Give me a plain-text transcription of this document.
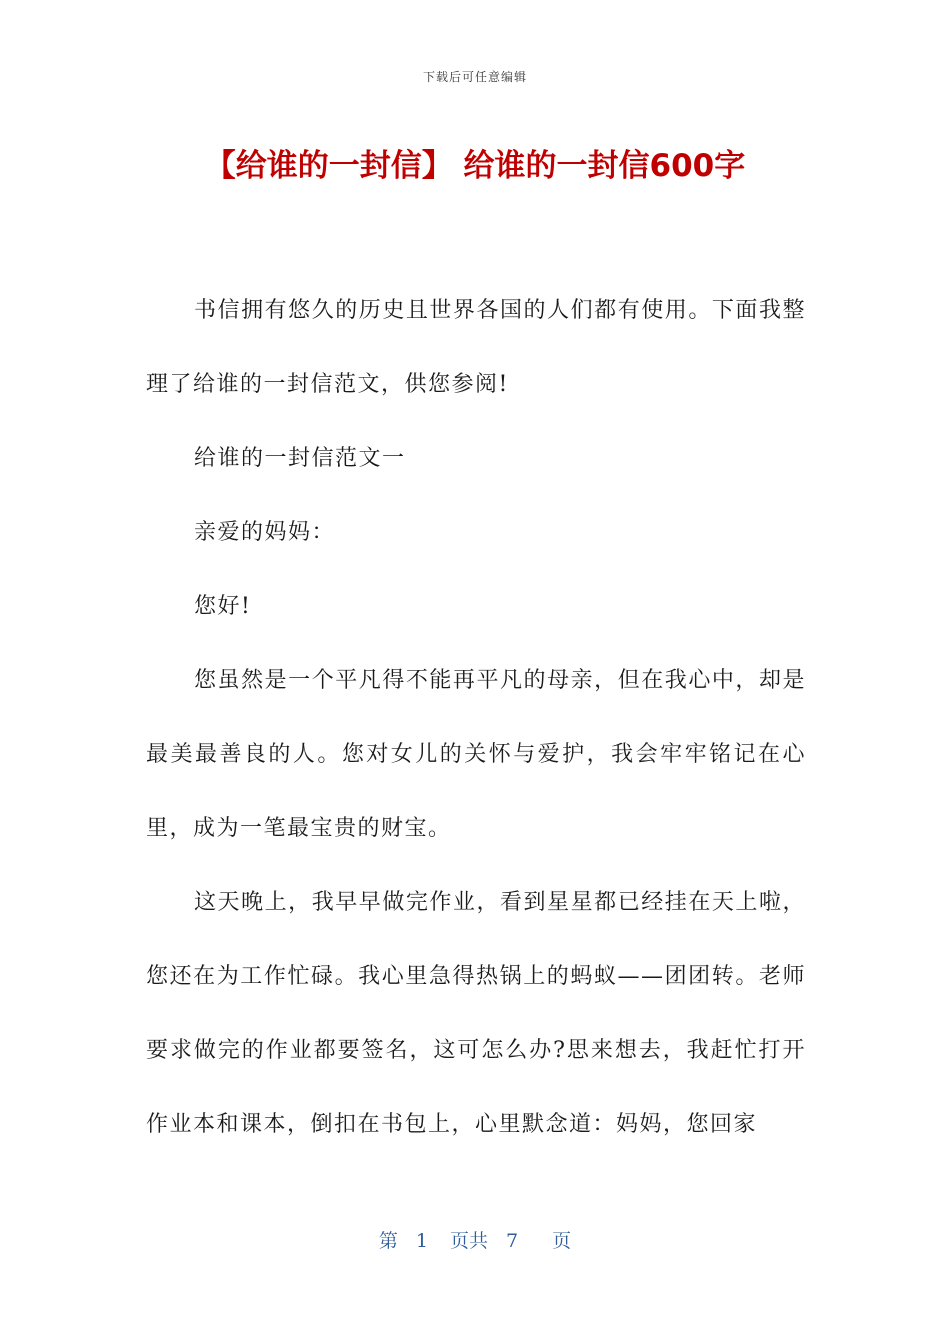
下载后可任意编辑
【给谁的一封信】 给谁的一封信600字

书信拥有悠久的历史且世界各国的人们都有使用。下面我整理了给谁的一封信范文，供您参阅!

给谁的一封信范文一

亲爱的妈妈：

您好!

您虽然是一个平凡得不能再平凡的母亲，但在我心中，却是最美最善良的人。您对女儿的关怀与爱护，我会牢牢铭记在心里，成为一笔最宝贵的财宝。

这天晚上，我早早做完作业，看到星星都已经挂在天上啦，您还在为工作忙碌。我心里急得热锅上的蚂蚁——团团转。老师要求做完的作业都要签名，这可怎么办?思来想去，我赶忙打开作业本和课本，倒扣在书包上，心里默念道：妈妈，您回家

第 1 页共 7 页
